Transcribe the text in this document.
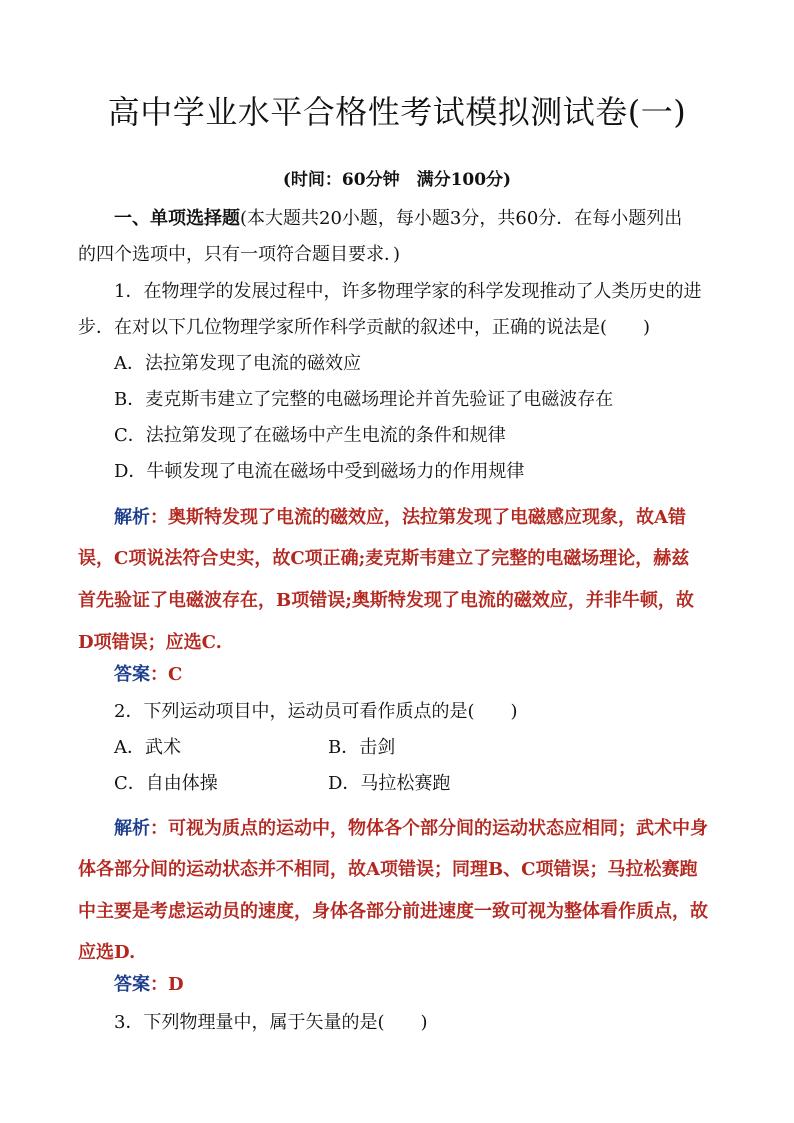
高中学业水平合格性考试模拟测试卷(一)
(时间：60分钟　满分100分)
一、单项选择题(本大题共20小题，每小题3分，共60分．在每小题列出
的四个选项中，只有一项符合题目要求．)
1．在物理学的发展过程中，许多物理学家的科学发现推动了人类历史的进
步．在对以下几位物理学家所作科学贡献的叙述中，正确的说法是(　　)
A．法拉第发现了电流的磁效应
B．麦克斯韦建立了完整的电磁场理论并首先验证了电磁波存在
C．法拉第发现了在磁场中产生电流的条件和规律
D．牛顿发现了电流在磁场中受到磁场力的作用规律
解析：奥斯特发现了电流的磁效应，法拉第发现了电磁感应现象，故A错
误，C项说法符合史实，故C项正确;麦克斯韦建立了完整的电磁场理论，赫兹
首先验证了电磁波存在，B项错误;奥斯特发现了电流的磁效应，并非牛顿，故
D项错误；应选C.
答案：C
2．下列运动项目中，运动员可看作质点的是(　　)
A．武术	B．击剑
C．自由体操	D．马拉松赛跑
解析：可视为质点的运动中，物体各个部分间的运动状态应相同；武术中身
体各部分间的运动状态并不相同，故A项错误；同理B、C项错误；马拉松赛跑
中主要是考虑运动员的速度，身体各部分前进速度一致可视为整体看作质点，故
应选D.
答案：D
3．下列物理量中，属于矢量的是(　　)
